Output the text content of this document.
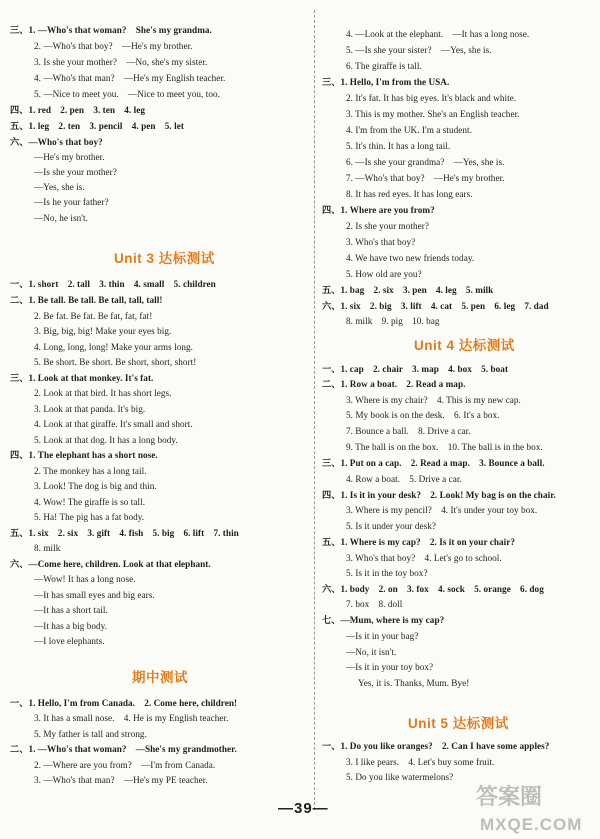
三、1. —Who's that woman?　She's my grandma.
2. —Who's that boy?　—He's my brother.
3. Is she your mother?　—No, she's my sister.
4. —Who's that man?　—He's my English teacher.
5. —Nice to meet you.　—Nice to meet you, too.
四、1. red　2. pen　3. ten　4. leg
五、1. leg　2. ten　3. pencil　4. pen　5. let
六、—Who's that boy?
—He's my brother.
—Is she your mother?
—Yes, she is.
—Is he your father?
—No, he isn't.
Unit 3 达标测试
一、1. short　2. tall　3. thin　4. small　5. children
二、1. Be tall. Be tall. Be tall, tall, tall!
2. Be fat. Be fat. Be fat, fat, fat!
3. Big, big, big! Make your eyes big.
4. Long, long, long! Make your arms long.
5. Be short. Be short. Be short, short, short!
三、1. Look at that monkey. It's fat.
2. Look at that bird. It has short legs.
3. Look at that panda. It's big.
4. Look at that giraffe. It's small and short.
5. Look at that dog. It has a long body.
四、1. The elephant has a short nose.
2. The monkey has a long tail.
3. Look! The dog is big and thin.
4. Wow! The giraffe is so tall.
5. Ha! The pig has a fat body.
五、1. six　2. six　3. gift　4. fish　5. big　6. lift　7. thin
8. milk
六、—Come here, children. Look at that elephant.
—Wow! It has a long nose.
—It has small eyes and big ears.
—It has a short tail.
—It has a big body.
—I love elephants.
期中测试
一、1. Hello, I'm from Canada.　2. Come here, children!
3. It has a small nose.　4. He is my English teacher.
5. My father is tall and strong.
二、1. —Who's that woman?　—She's my grandmother.
2. —Where are you from?　—I'm from Canada.
3. —Who's that man?　—He's my PE teacher.
4. —Look at the elephant.　—It has a long nose.
5. —Is she your sister?　—Yes, she is.
6. The giraffe is tall.
三、1. Hello, I'm from the USA.
2. It's fat. It has big eyes. It's black and white.
3. This is my mother. She's an English teacher.
4. I'm from the UK. I'm a student.
5. It's thin. It has a long tail.
6. —Is she your grandma?　—Yes, she is.
7. —Who's that boy?　—He's my brother.
8. It has red eyes. It has long ears.
四、1. Where are you from?
2. Is she your mother?
3. Who's that boy?
4. We have two new friends today.
5. How old are you?
五、1. bag　2. six　3. pen　4. leg　5. milk
六、1. six　2. big　3. lift　4. cat　5. pen　6. leg　7. dad
8. milk　9. pig　10. bag
Unit 4 达标测试
一、1. cap　2. chair　3. map　4. box　5. boat
二、1. Row a boat.　2. Read a map.
3. Where is my chair?　4. This is my new cap.
5. My book is on the desk.　6. It's a box.
7. Bounce a ball.　8. Drive a car.
9. The ball is on the box.　10. The ball is in the box.
三、1. Put on a cap.　2. Read a map.　3. Bounce a ball.
4. Row a boat.　5. Drive a car.
四、1. Is it in your desk?　2. Look! My bag is on the chair.
3. Where is my pencil?　4. It's under your toy box.
5. Is it under your desk?
五、1. Where is my cap?　2. Is it on your chair?
3. Who's that boy?　4. Let's go to school.
5. Is it in the toy box?
六、1. body　2. on　3. fox　4. sock　5. orange　6. dog
7. box　8. doll
七、—Mum, where is my cap?
—Is it in your bag?
—No, it isn't.
—Is it in your toy box?
Yes, it is. Thanks, Mum. Bye!
Unit 5 达标测试
一、1. Do you like oranges?　2. Can I have some apples?
3. I like pears.　4. Let's buy some fruit.
5. Do you like watermelons?
—39—	答案圈
MXQE.COM
